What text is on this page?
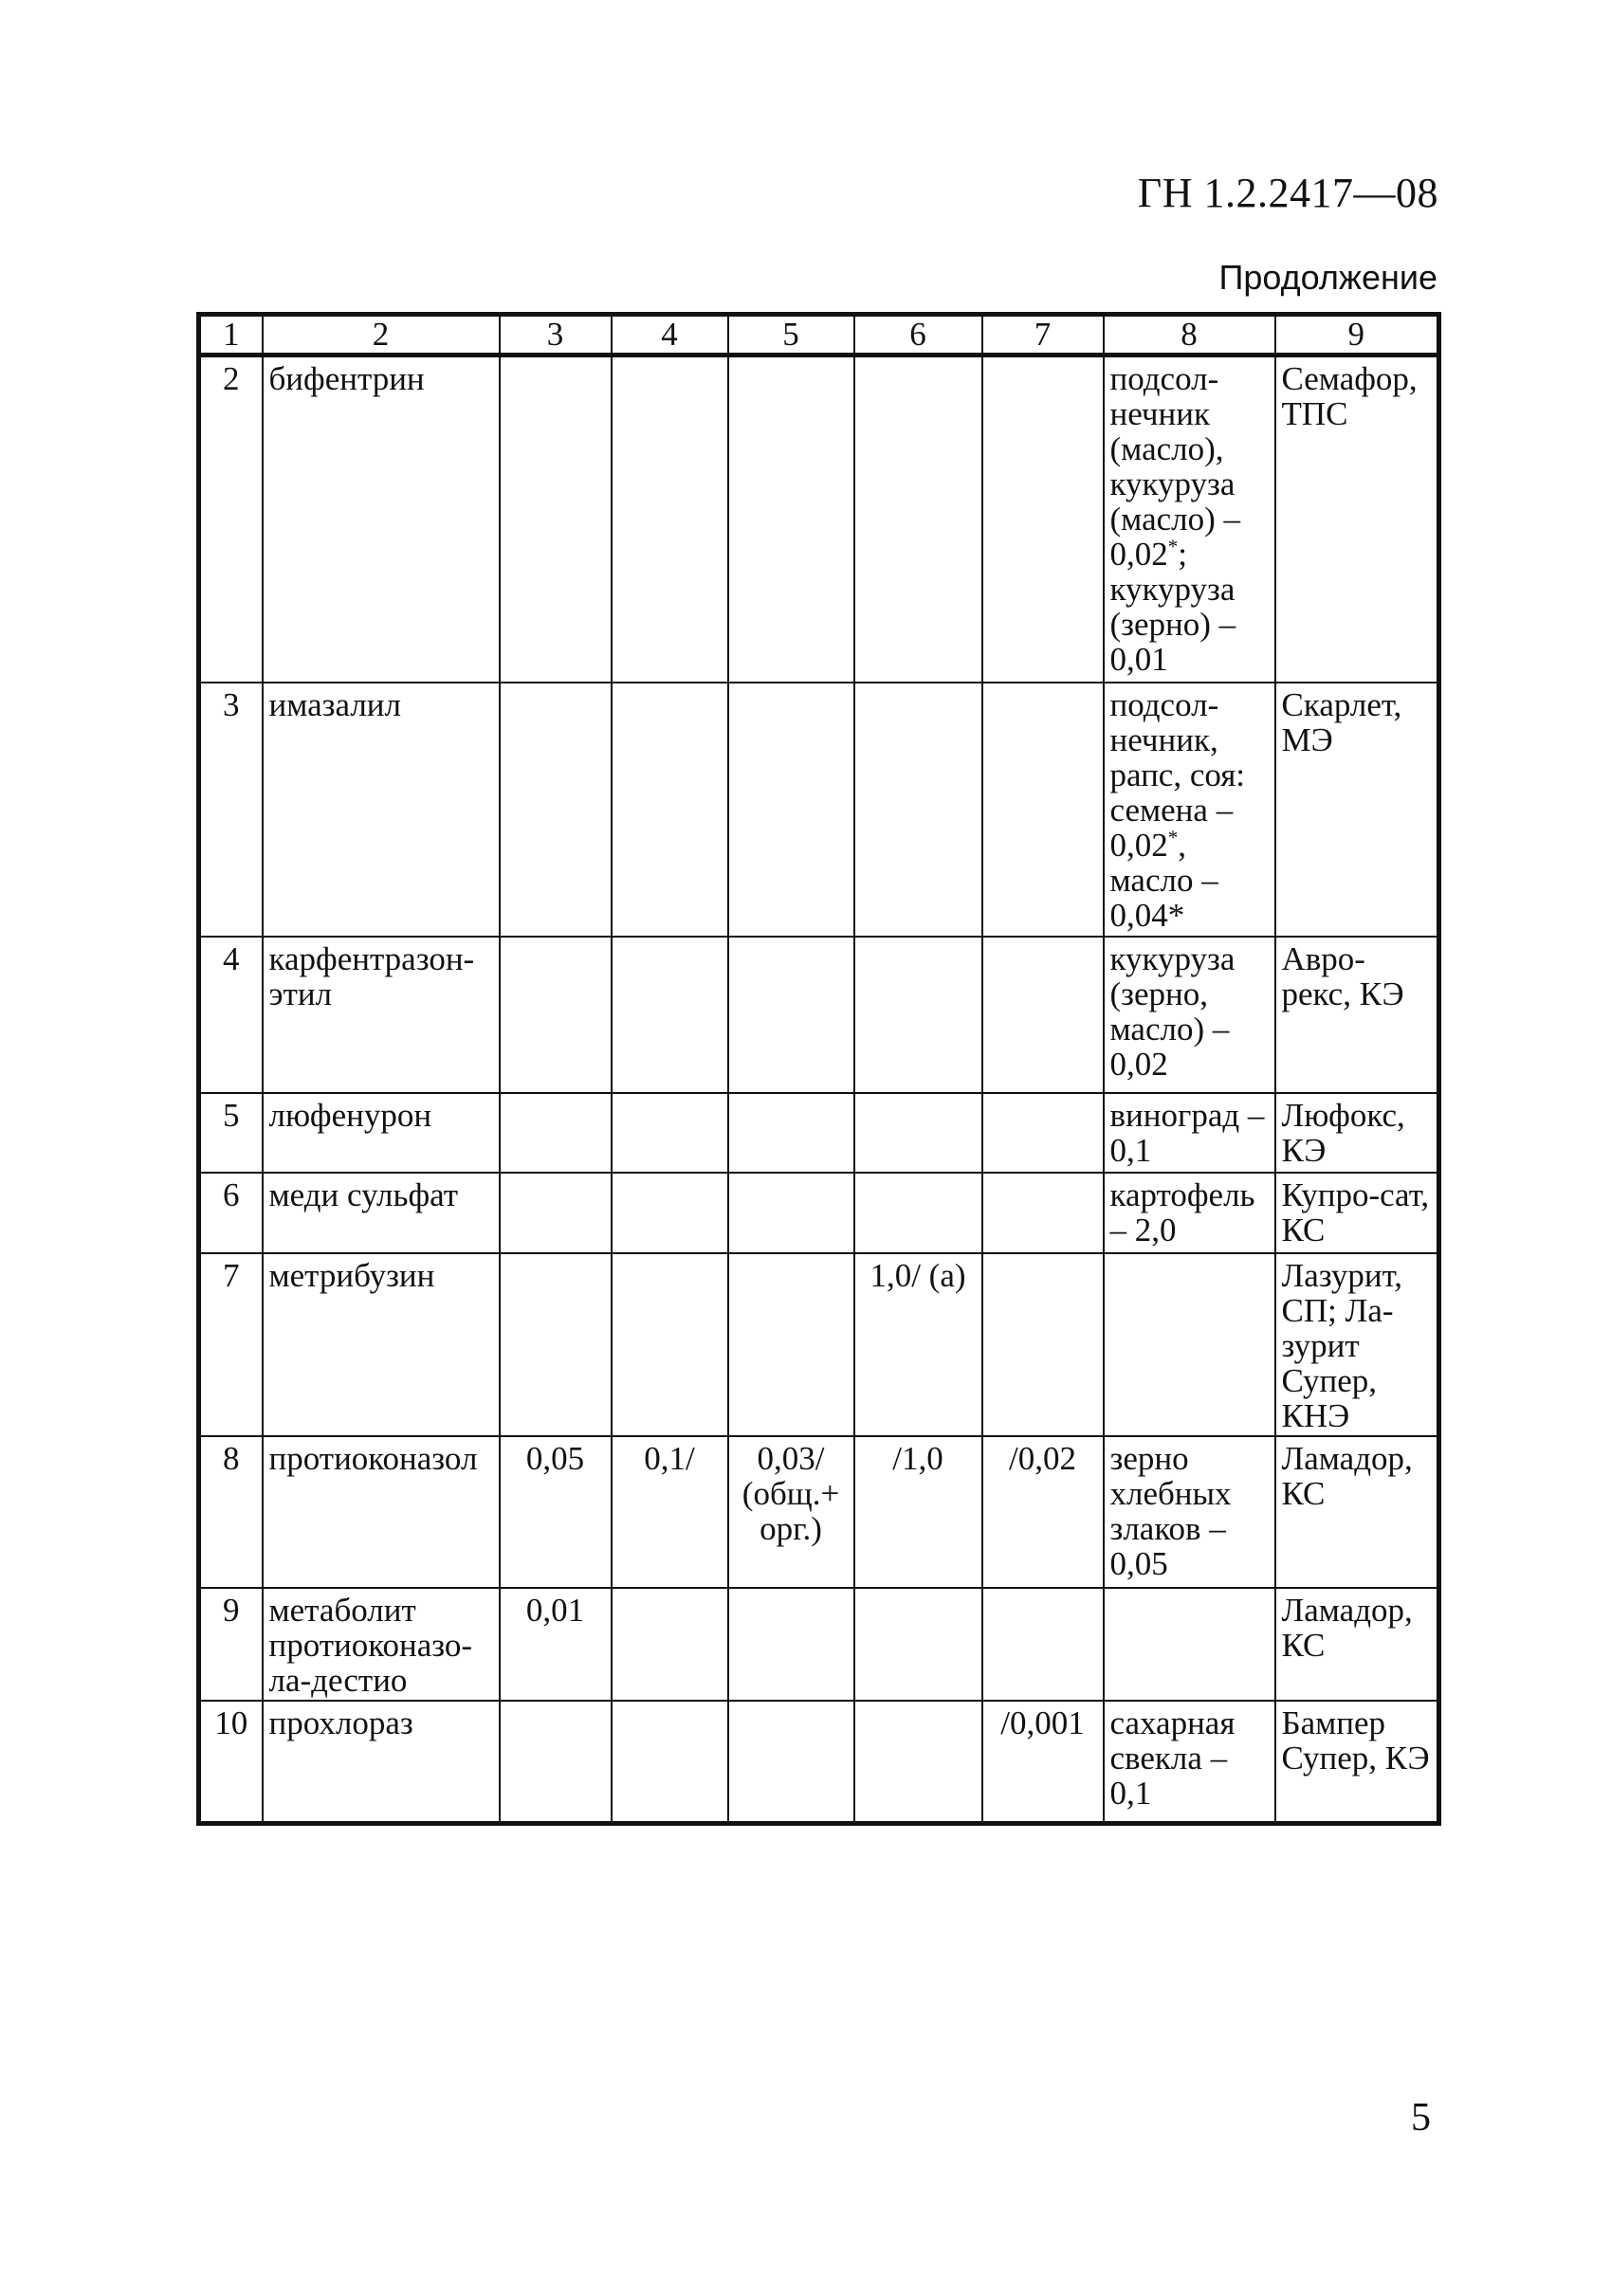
ГН 1.2.2417—08
Продолжение
1	2	3	4	5	6	7	8	9
2	бифентрин						подсол-нечник (масло), кукуруза (масло) – 0,02*; кукуруза (зерно) – 0,01	Семафор, ТПС
3	имазалил						подсол-нечник, рапс, соя: семена – 0,02*, масло – 0,04*	Скарлет, МЭ
4	карфентразон-этил						кукуруза (зерно, масло) – 0,02	Авро-рекс, КЭ
5	люфенурон						виноград – 0,1	Люфокс, КЭ
6	меди сульфат						картофель – 2,0	Купро-сат, КС
7	метрибузин				1,0/ (а)			Лазурит, СП; Ла-зурит Супер, КНЭ
8	протиоконазол	0,05	0,1/	0,03/ (общ.+ орг.)	/1,0	/0,02	зерно хлебных злаков – 0,05	Ламадор, КС
9	метаболит протиоконазо-ла-дестио	0,01						Ламадор, КС
10	прохлораз					/0,001	сахарная свекла – 0,1	Бампер Супер, КЭ
5
